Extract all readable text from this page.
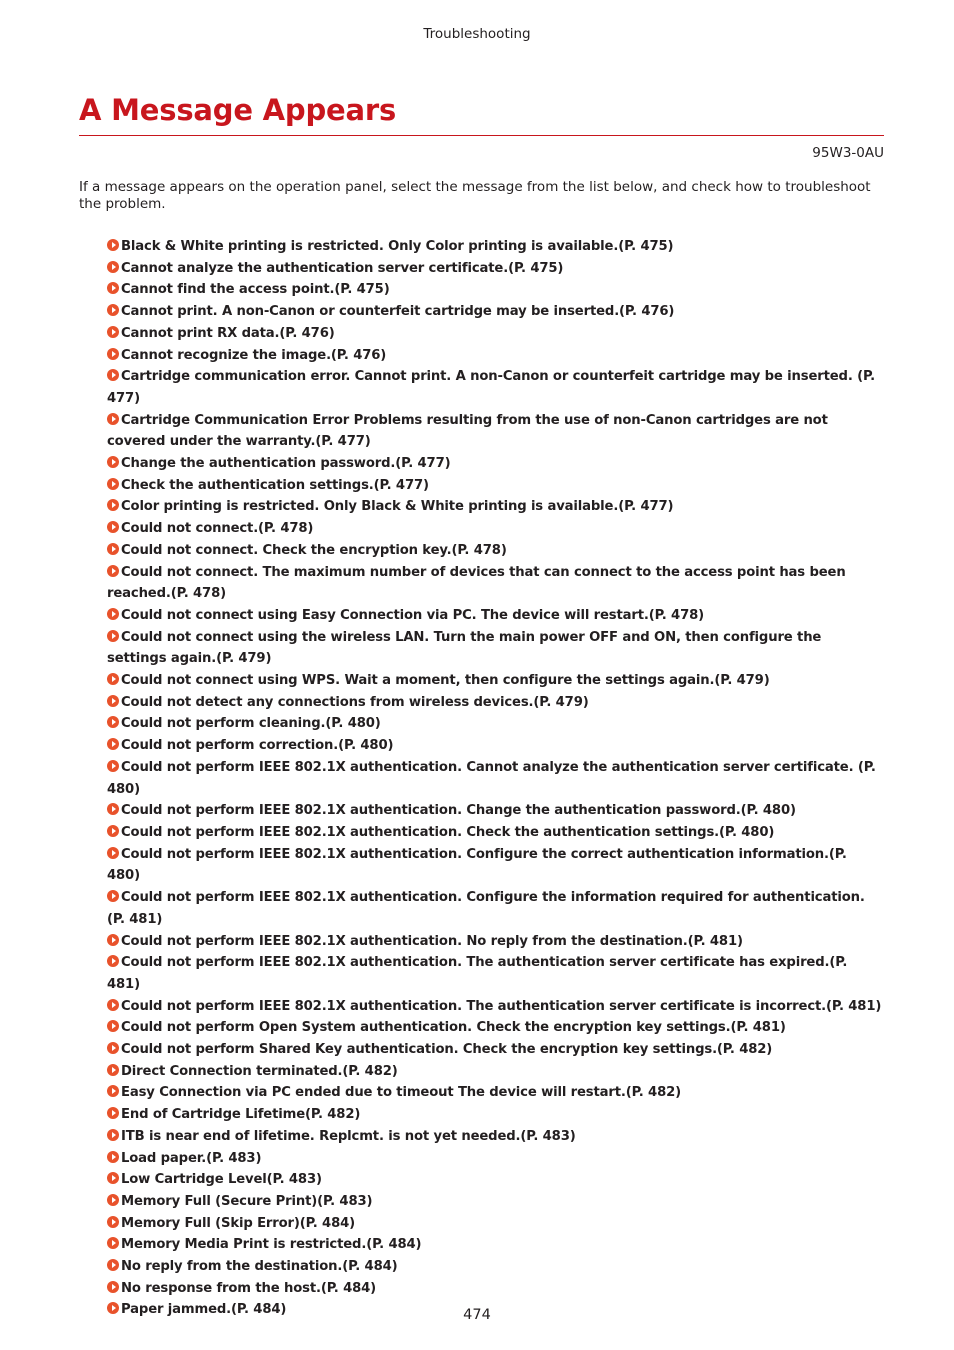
Troubleshooting
A Message Appears
95W3-0AU

If a message appears on the operation panel, select the message from the list below, and check how to troubleshoot the problem.

Black & White printing is restricted. Only Color printing is available.(P. 475)
Cannot analyze the authentication server certificate.(P. 475)
Cannot find the access point.(P. 475)
Cannot print. A non-Canon or counterfeit cartridge may be inserted.(P. 476)
Cannot print RX data.(P. 476)
Cannot recognize the image.(P. 476)
Cartridge communication error. Cannot print. A non-Canon or counterfeit cartridge may be inserted. (P. 477)
Cartridge Communication Error Problems resulting from the use of non-Canon cartridges are not covered under the warranty.(P. 477)
Change the authentication password.(P. 477)
Check the authentication settings.(P. 477)
Color printing is restricted. Only Black & White printing is available.(P. 477)
Could not connect.(P. 478)
Could not connect. Check the encryption key.(P. 478)
Could not connect. The maximum number of devices that can connect to the access point has been reached.(P. 478)
Could not connect using Easy Connection via PC. The device will restart.(P. 478)
Could not connect using the wireless LAN. Turn the main power OFF and ON, then configure the settings again.(P. 479)
Could not connect using WPS. Wait a moment, then configure the settings again.(P. 479)
Could not detect any connections from wireless devices.(P. 479)
Could not perform cleaning.(P. 480)
Could not perform correction.(P. 480)
Could not perform IEEE 802.1X authentication. Cannot analyze the authentication server certificate. (P. 480)
Could not perform IEEE 802.1X authentication. Change the authentication password.(P. 480)
Could not perform IEEE 802.1X authentication. Check the authentication settings.(P. 480)
Could not perform IEEE 802.1X authentication. Configure the correct authentication information.(P. 480)
Could not perform IEEE 802.1X authentication. Configure the information required for authentication. (P. 481)
Could not perform IEEE 802.1X authentication. No reply from the destination.(P. 481)
Could not perform IEEE 802.1X authentication. The authentication server certificate has expired.(P. 481)
Could not perform IEEE 802.1X authentication. The authentication server certificate is incorrect.(P. 481)
Could not perform Open System authentication. Check the encryption key settings.(P. 481)
Could not perform Shared Key authentication. Check the encryption key settings.(P. 482)
Direct Connection terminated.(P. 482)
Easy Connection via PC ended due to timeout The device will restart.(P. 482)
End of Cartridge Lifetime(P. 482)
ITB is near end of lifetime. Replcmt. is not yet needed.(P. 483)
Load paper.(P. 483)
Low Cartridge Level(P. 483)
Memory Full (Secure Print)(P. 483)
Memory Full (Skip Error)(P. 484)
Memory Media Print is restricted.(P. 484)
No reply from the destination.(P. 484)
No response from the host.(P. 484)
Paper jammed.(P. 484)	474
